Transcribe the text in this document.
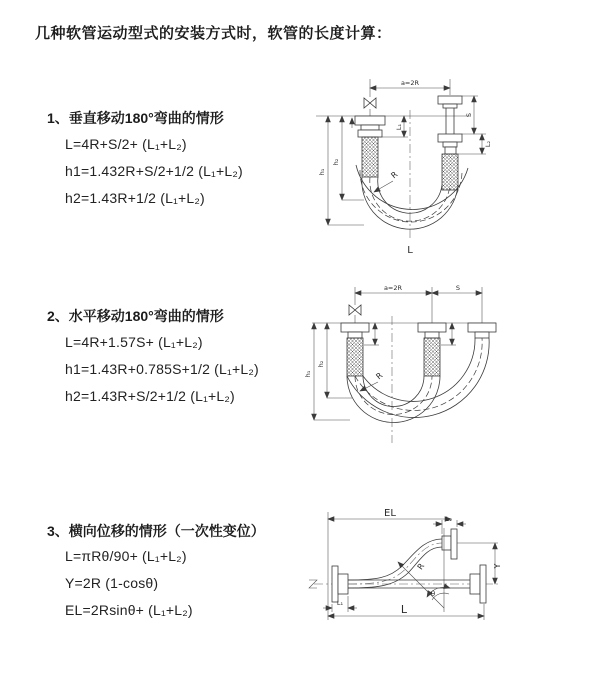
几种软管运动型式的安装方式时，软管的长度计算：
1、垂直移动180°弯曲的情形
L=4R+S/2+ (L₁+L₂)
h1=1.432R+S/2+1/2 (L₁+L₂)
h2=1.43R+1/2 (L₁+L₂)
2、水平移动180°弯曲的情形
L=4R+1.57S+ (L₁+L₂)
h1=1.43R+0.785S+1/2 (L₁+L₂)
h2=1.43R+S/2+1/2 (L₁+L₂)
3、横向位移的情形（一次性变位）
L=πRθ/90+ (L₁+L₂)
Y=2R (1-cosθ)
EL=2Rsinθ+ (L₁+L₂)
a=2R
h₁
h₂
L₁
S
L₂
R
L
a=2R	S
h₁
h₂
R
EL	L₂
Y
R
θ
L
L₁
